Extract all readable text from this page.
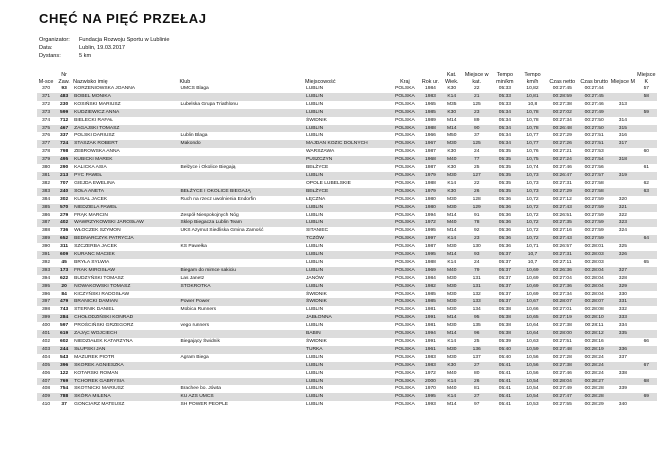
CHĘĆ NA PIĘĆ PRZEŁAJ
Organizator: Fundacja Rozwoju Sportu w Lublinie
Data:	Lublin, 19.03.2017
Dystans:	5 km
M-sce	Nr Zaw.	Nazwisko imię	Klub	Miejscowość	Kraj	Rok ur.	Kat. Wiek.	Miejsce w kat.	Tempo min/km	Tempo km/h	Czas netto	Czas brutto	Miejsce M	Miejsce K
370	93	KORZENIOWSKA JOANNA	UMCS Blaga	LUBLIN	POLSKA	1984	K30	22	05:33	10,82	00:27:45	00:27:44		57
371	483	BOBEL MONIKA		LUBLIN	POLSKA	1983	K14	21	05:33	10,81	00:28:59	00:27:45		58
372	230	KOSIŃSKI MARIUSZ	Lubelska Grupa Triathlonu	LUBLIN	POLSKA	1965	M35	125	05:33	10,8	00:27:38	00:27:46	313	
373	599	KUDZIEWICZ ANNA		LUBLIN	POLSKA	1985	K30	23	05:34	10,78	00:27:02	00:27:49		59
374	712	BIELECKI RAFAŁ		ŚWIDNIK	POLSKA	1989	M14	89	05:34	10,78	00:27:34	00:27:50	314	
375	467	ZAGAJSKI TOMASZ		LUBLIN	POLSKA	1988	M14	90	05:34	10,78	00:26:48	00:27:50	315	
376	337	POLSKI DARIUSZ	Lublin Blaga	LUBLIN	POLSKA	1966	M50	37	05:34	10,77	00:27:29	00:27:51	316	
377	724	STASZAK ROBERT	Makondo	MAJDAN KOZIC DOLNYCH	POLSKA	1967	M30	125	05:34	10,77	00:27:26	00:27:51	317	
378	798	ZEBROWSKA ANNA		WARSZAWA	POLSKA	1987	K30	24	05:35	10,76	00:27:21	00:27:53		60
379	495	KUBICKI MAREK		PUSZCZYN	POLSKA	1968	M40	77	05:35	10,75	00:27:24	00:27:54	318	
380	290	KALICKA ASIA	Bełżyce i Okolice Biegają	BEŁŻYCE	POLSKA	1987	K30	25	05:35	10,74	00:27:46	00:27:56		61
381	213	PYC PAWEŁ		LUBLIN	POLSKA	1979	M30	127	05:35	10,73	00:26:47	00:27:57	319	
382	707	GIEJDA EWELINA		OPOLE LUBELSKIE	POLSKA	1988	K14	22	05:35	10,73	00:27:31	00:27:58		62
383	240	SOŁA ANETA	BEŁŻYCE I OKOLICE BIEGAJĄ	BEŁŻYCE	POLSKA	1979	K30	26	05:35	10,73	00:27:29	00:27:58		63
384	302	KUSAL JACEK	Ruch na rzecz uwolnienia Endorfin	ŁĘCZNA	POLSKA	1980	M30	128	05:36	10,72	00:27:12	00:27:59	320	
385	570	NIEDZIELA PAWEŁ		LUBLIN	POLSKA	1980	M30	129	05:36	10,72	00:27:43	00:27:59	321	
386	279	FRĄK MARCIN	Zespół Niespokojnych Nóg	LUBLIN	POLSKA	1994	M14	91	05:36	10,72	00:26:51	00:27:59	322	
387	402	WAWRZYKOWSKI JAROSŁAW	Sklep Biegacza Lublin Team	LUBLIN	POLSKA	1972	M40	78	05:36	10,72	00:27:35	00:27:59	323	
388	736	WŁOCZEK SZYMON	UKS Azymut Siedliska Gmina Zamość	SITANIEC	POLSKA	1995	M14	92	05:36	10,72	00:27:16	00:27:59	324	
389	652	BEDNARCZYK PATRYCJA		TCZÓW	POLSKA	1997	K14	23	05:36	10,72	00:27:43	00:27:59		64
390	311	SZCZERBA JACEK	KS Pawełka	LUBLIN	POLSKA	1987	M30	130	05:36	10,71	00:26:57	00:28:01	325	
391	609	KURANC MACIEK		LUBLIN	POLSKA	1995	M14	93	05:37	10,7	00:27:31	00:28:03	326	
392	45	BRYŁA SYLWIA		LUBLIN	POLSKA	1988	K14	24	05:37	10,7	00:27:11	00:28:03		65
393	173	FRAK MIROSŁAW	Biegam do mimce sakiciu	LUBLIN	POLSKA	1969	M40	79	05:37	10,69	00:26:36	00:28:04	327	
394	622	BUDZYŃSKI TOMASZ	Las Janetz	JANÓW	POLSKA	1984	M30	131	05:37	10,69	00:27:04	00:28:04	328	
395	20	NOWAKOWSKI TOMASZ	STOKROTKA	LUBLIN	POLSKA	1982	M30	131	05:37	10,69	00:27:36	00:28:04	329	
396	84	KICZYŃSKI RADOSŁAW		ŚWIDNIK	POLSKA	1985	M30	132	05:37	10,69	00:27:34	00:28:04	330	
397	479	BRANICKI DAMIAN	Power Power	ŚWIDNIK	POLSKA	1985	M30	133	05:37	10,67	00:28:07	00:28:07	331	
398	743	STERNIK DANIEL	Mobica Runners	LUBLIN	POLSKA	1981	M30	134	05:38	10,66	00:27:01	00:28:08	332	
399	284	CHOŁODZIŃSKI KONRAD		JABŁONNA	POLSKA	1991	M14	95	05:38	10,65	00:27:19	00:28:10	333	
400	597	PROŚCIŃSKI GRZEGORZ	vego runners	LUBLIN	POLSKA	1981	M30	135	05:38	10,64	00:27:38	00:28:11	334	
401	619	ZAJĄC WOJCIECH		BABIN	POLSKA	1994	M14	96	05:38	10,64	00:28:00	00:28:12	335	
402	602	NIEDZIAŁEK KATARZYNA	Biegający Świdnik	ŚWIDNIK	POLSKA	1991	K14	25	05:39	10,63	00:27:51	00:28:16		66
403	244	SŁUPSKI JAN		TURKA	POLSKA	1961	M30	136	05:40	10,59	00:27:48	00:28:19	336	
404	543	MAZUREK PIOTR	Agram Biega	LUBLIN	POLSKA	1983	M30	137	05:40	10,56	00:27:28	00:28:24	337	
405	396	SKOREK AGNIESZKA		LUBLIN	POLSKA	1983	K30	27	05:41	10,56	00:27:38	00:28:24		67
406	122	KOTARSKI ROMAN		LUBLIN	POLSKA	1972	M40	80	05:41	10,56	00:27:46	00:28:24	338	
407	769	TCHOREK GABRYSIA		LUBLIN	POLSKA	2000	K14	26	05:41	10,54	00:28:04	00:28:27		68
408	754	SKOTNICKI MARIUSZ	Brachee bo. Jówta	LUBLIN	POLSKA	1970	M40	81	05:41	10,54	00:27:49	00:28:28	339	
409	788	SKÓRA MILENA	KU AZS UMCS	LUBLIN	POLSKA	1995	K14	27	05:41	10,54	00:27:47	00:28:28		69
410	37	GONCIARZ MATEUSZ	SH POWER PEOPLE	LUBLIN	POLSKA	1993	M14	97	05:41	10,53	00:27:55	00:28:29	340	
